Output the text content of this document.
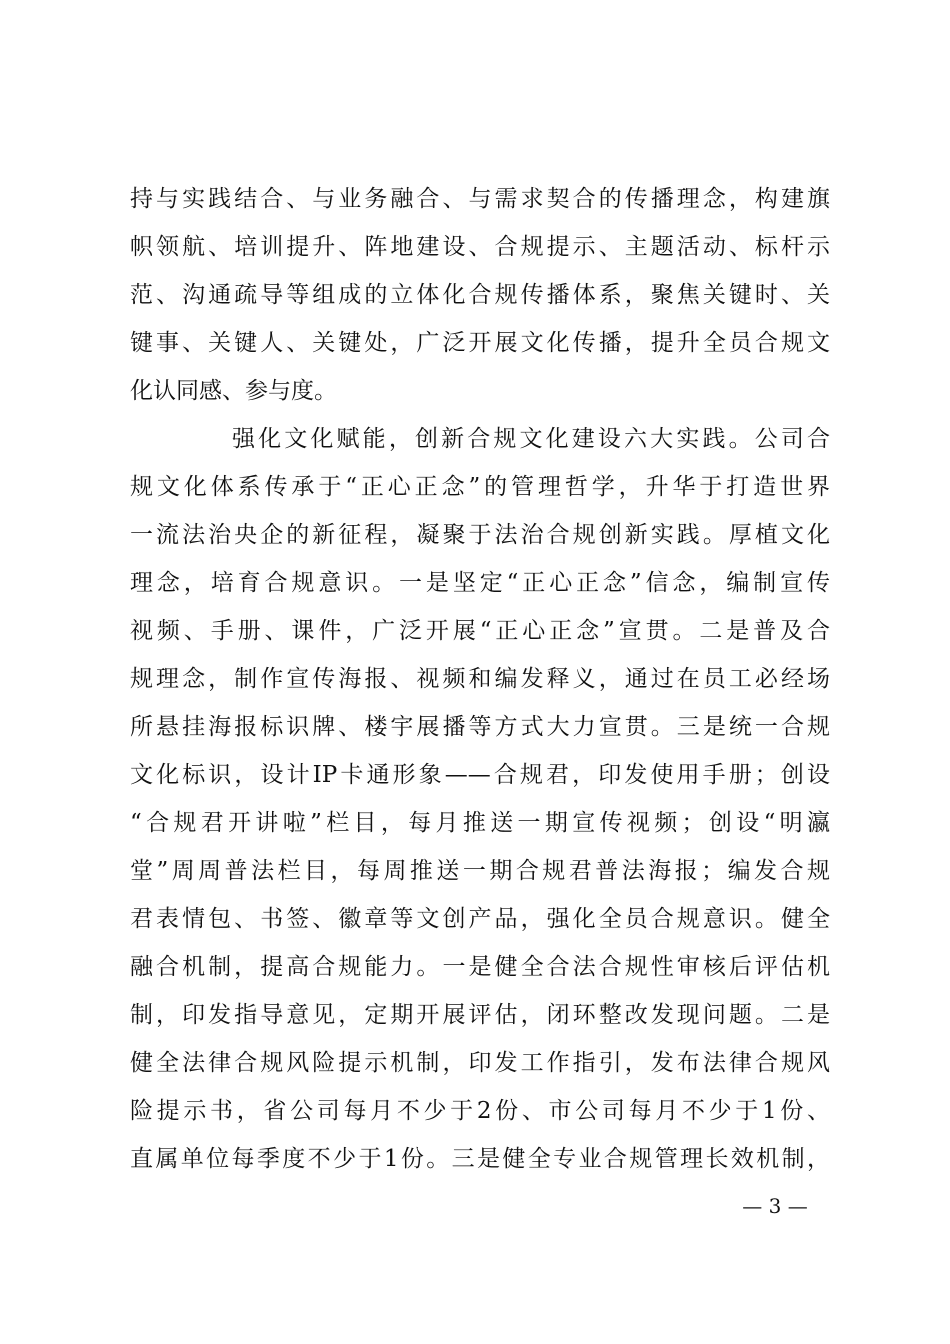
持与实践结合、与业务融合、与需求契合的传播理念，构建旗
帜领航、培训提升、阵地建设、合规提示、主题活动、标杆示
范、沟通疏导等组成的立体化合规传播体系，聚焦关键时、关
键事、关键人、关键处，广泛开展文化传播，提升全员合规文
化认同感、参与度。
强化文化赋能，创新合规文化建设六大实践。公司合
规文化体系传承于“正心正念”的管理哲学，升华于打造世界
一流法治央企的新征程，凝聚于法治合规创新实践。厚植文化
理念，培育合规意识。一是坚定“正心正念”信念，编制宣传
视频、手册、课件，广泛开展“正心正念”宣贯。二是普及合
规理念，制作宣传海报、视频和编发释义，通过在员工必经场
所悬挂海报标识牌、楼宇展播等方式大力宣贯。三是统一合规
文化标识，设计IP卡通形象——合规君，印发使用手册；创设
“合规君开讲啦”栏目，每月推送一期宣传视频；创设“明瀛
堂”周周普法栏目，每周推送一期合规君普法海报；编发合规
君表情包、书签、徽章等文创产品，强化全员合规意识。健全
融合机制，提高合规能力。一是健全合法合规性审核后评估机
制，印发指导意见，定期开展评估，闭环整改发现问题。二是
健全法律合规风险提示机制，印发工作指引，发布法律合规风
险提示书，省公司每月不少于2份、市公司每月不少于1份、
直属单位每季度不少于1份。三是健全专业合规管理长效机制，
— 3 —
